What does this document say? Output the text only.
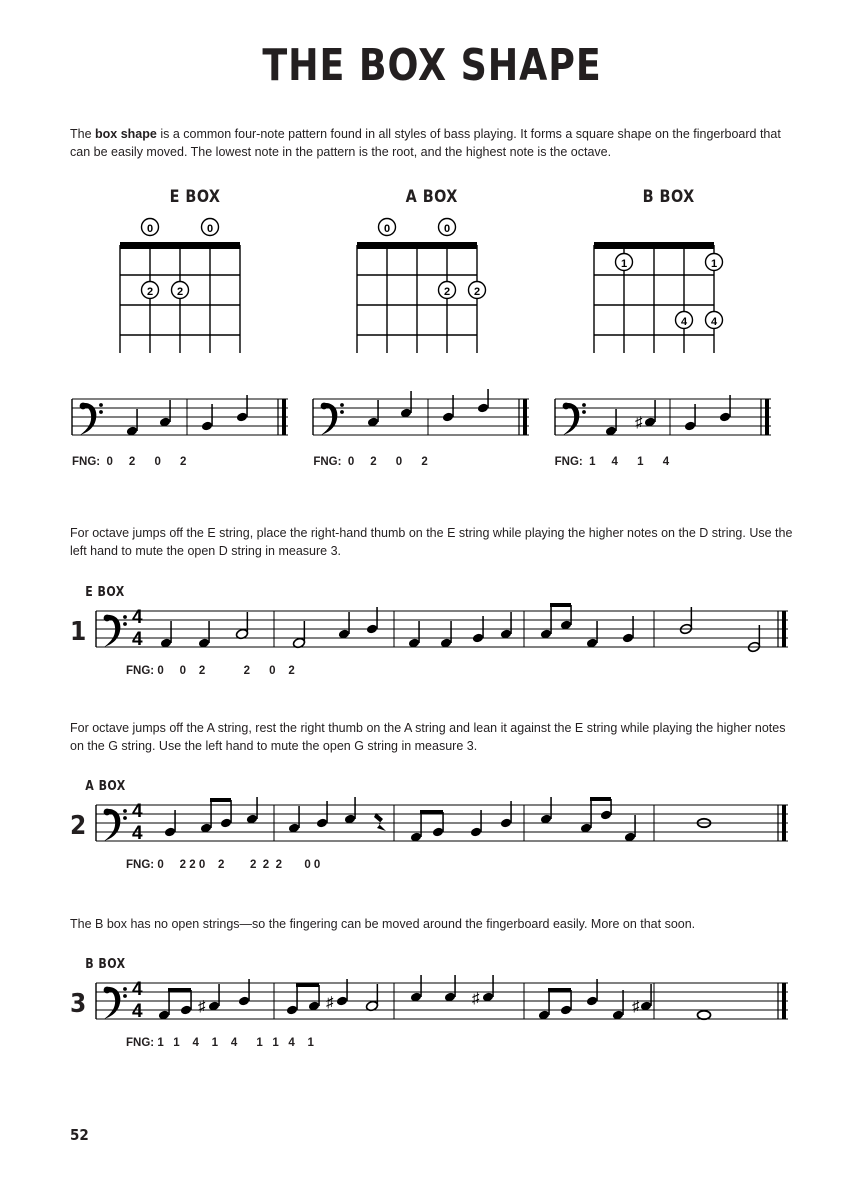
THE BOX SHAPE

The box shape is a common four-note pattern found in all styles of bass playing. It forms a square shape on the fingerboard that can be easily moved. The lowest note in the pattern is the root, and the highest note is the octave.

E BOX
0	0
2 2
A BOX
0	0
2 2
B BOX
1	1
4 4
FNG: 0 2 0 2	FNG: 0 2 0 2
♯
FNG: 1 4 1 4

For octave jumps off the E string, place the right-hand thumb on the E string while playing the higher notes on the D string. Use the left hand to mute the open D string in measure 3.

E BOX
1	4
4
FNG: 0     0    2            2      0    2

For octave jumps off the A string, rest the right thumb on the A string and lean it against the E string while playing the higher notes on the G string. Use the left hand to mute the open G string in measure 3.

A BOX
2	4
4
FNG: 0     2 2 0    2        2  2  2       0 0

The B box has no open strings—so the fingering can be moved around the fingerboard easily. More on that soon.

B BOX
3	4
4	♯	♯	♯	♯
FNG: 1   1    4    1    4      1   1   4    1
52
